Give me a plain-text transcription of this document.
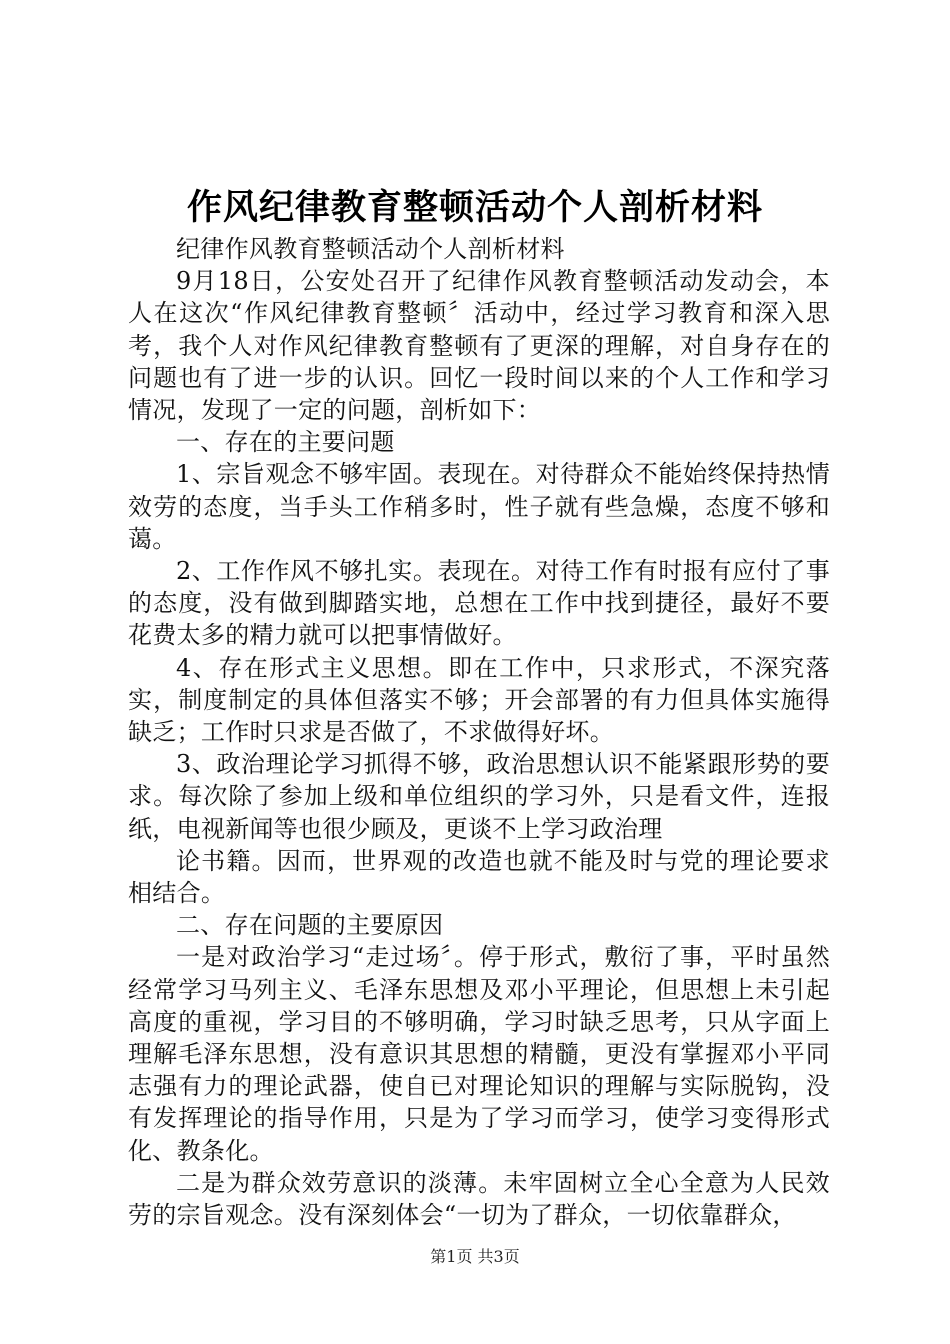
作风纪律教育整顿活动个人剖析材料

纪律作风教育整顿活动个人剖析材料

9月18日，公安处召开了纪律作风教育整顿活动发动会，本人在这次“作风纪律教育整顿〞活动中，经过学习教育和深入思考，我个人对作风纪律教育整顿有了更深的理解，对自身存在的问题也有了进一步的认识。回忆一段时间以来的个人工作和学习情况，发现了一定的问题，剖析如下：

一、存在的主要问题

1、宗旨观念不够牢固。表现在。对待群众不能始终保持热情效劳的态度，当手头工作稍多时，性子就有些急燥，态度不够和蔼。

2、工作作风不够扎实。表现在。对待工作有时报有应付了事的态度，没有做到脚踏实地，总想在工作中找到捷径，最好不要花费太多的精力就可以把事情做好。

4、存在形式主义思想。即在工作中，只求形式，不深究落实，制度制定的具体但落实不够；开会部署的有力但具体实施得缺乏；工作时只求是否做了，不求做得好坏。

3、政治理论学习抓得不够，政治思想认识不能紧跟形势的要求。每次除了参加上级和单位组织的学习外，只是看文件，连报纸，电视新闻等也很少顾及，更谈不上学习政治理

论书籍。因而，世界观的改造也就不能及时与党的理论要求相结合。

二、存在问题的主要原因

一是对政治学习“走过场〞。停于形式，敷衍了事，平时虽然经常学习马列主义、毛泽东思想及邓小平理论，但思想上未引起高度的重视，学习目的不够明确，学习时缺乏思考，只从字面上理解毛泽东思想，没有意识其思想的精髓，更没有掌握邓小平同志强有力的理论武器，使自已对理论知识的理解与实际脱钩，没有发挥理论的指导作用，只是为了学习而学习，使学习变得形式化、教条化。

二是为群众效劳意识的淡薄。未牢固树立全心全意为人民效劳的宗旨观念。没有深刻体会“一切为了群众，一切依靠群众，

第1页 共3页
